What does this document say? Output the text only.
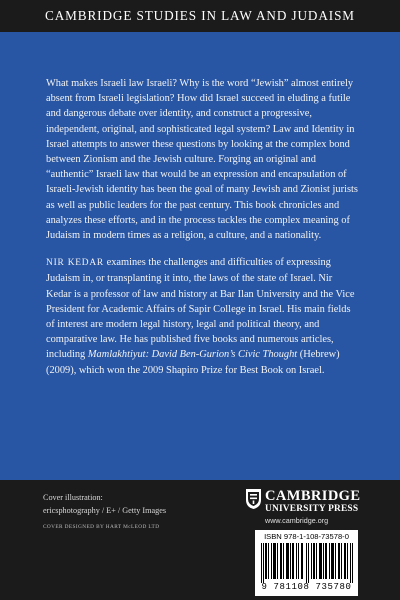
CAMBRIDGE STUDIES IN LAW AND JUDAISM

What makes Israeli law Israeli? Why is the word “Jewish” almost entirely absent from Israeli legislation? How did Israel succeed in eluding a futile and dangerous debate over identity, and construct a progressive, independent, original, and sophisticated legal system? Law and Identity in Israel attempts to answer these questions by looking at the complex bond between Zionism and the Jewish culture. Forging an original and “authentic” Israeli law that would be an expression and encapsulation of Israeli-Jewish identity has been the goal of many Jewish and Zionist jurists as well as public leaders for the past century. This book chronicles and analyzes these efforts, and in the process tackles the complex meaning of Judaism in modern times as a religion, a culture, and a nationality.

NIR KEDAR examines the challenges and difficulties of expressing Judaism in, or transplanting it into, the laws of the state of Israel. Nir Kedar is a professor of law and history at Bar Ilan University and the Vice President for Academic Affairs of Sapir College in Israel. His main fields of interest are modern legal history, legal and political theory, and comparative law. He has published five books and numerous articles, including Mamlakhtiyut: David Ben-Gurion’s Civic Thought (Hebrew) (2009), which won the 2009 Shapiro Prize for Best Book on Israel.

Cover illustration:
ericsphotography / E+ / Getty Images
COVER DESIGNED BY HART McLEOD LTD
CAMBRIDGE
UNIVERSITY PRESS
www.cambridge.org
ISBN 978-1-108-73578-0
9 781108 735780
